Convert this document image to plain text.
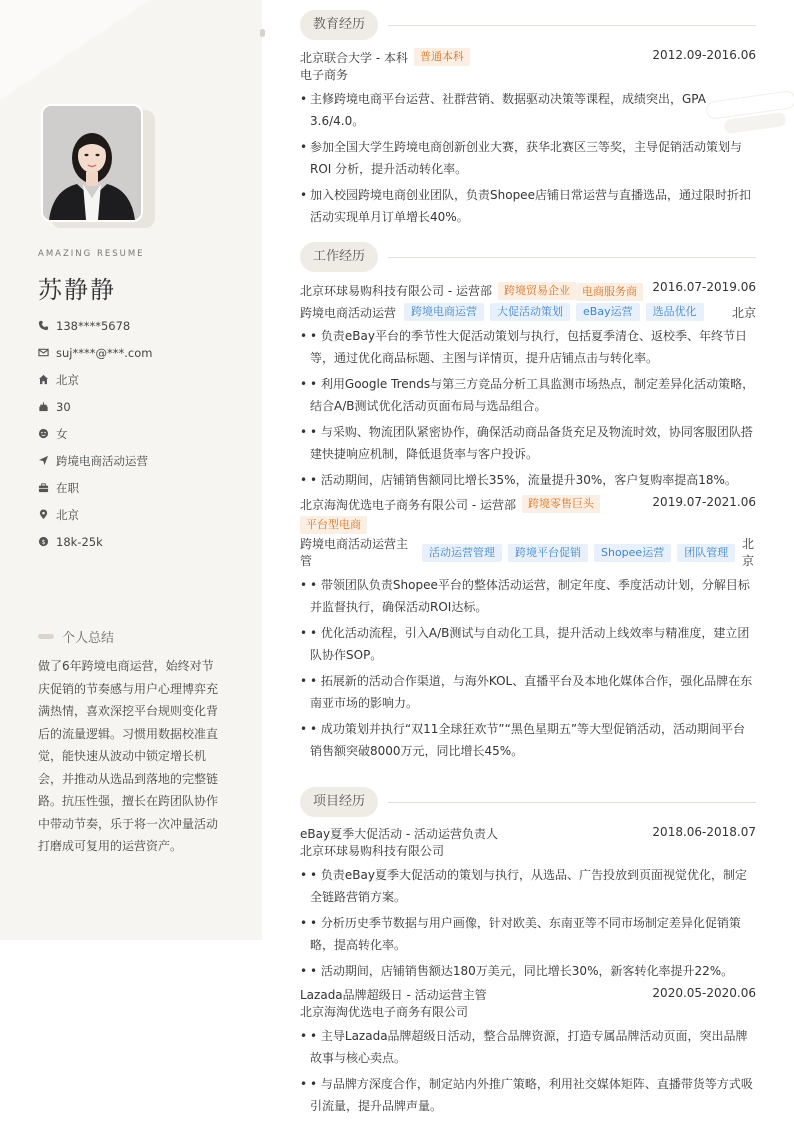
AMAZING RESUME
苏静静
138****5678
suj****@***.com
北京
30
女
跨境电商活动运营
在职
北京
$ 18k-25k
个人总结
做了6年跨境电商运营，始终对节庆促销的节奏感与用户心理博弈充满热情，喜欢深挖平台规则变化背后的流量逻辑。习惯用数据校准直觉，能快速从波动中锁定增长机会，并推动从选品到落地的完整链路。抗压性强，擅长在跨团队协作中带动节奏，乐于将一次冲量活动打磨成可复用的运营资产。
教育经历
北京联合大学 - 本科	普通本科	2012.09-2016.06
电子商务
• 主修跨境电商平台运营、社群营销、数据驱动决策等课程，成绩突出，GPA 3.6/4.0。
• 参加全国大学生跨境电商创新创业大赛，获华北赛区三等奖，主导促销活动策划与ROI 分析，提升活动转化率。
• 加入校园跨境电商创业团队，负责Shopee店铺日常运营与直播选品，通过限时折扣活动实现单月订单增长40%。
工作经历
北京环球易购科技有限公司 - 运营部	跨境贸易企业	电商服务商	2016.07-2019.06
跨境电商活动运营	跨境电商运营 大促活动策划 eBay运营 选品优化	北京
• • 负责eBay平台的季节性大促活动策划与执行，包括夏季清仓、返校季、年终节日等，通过优化商品标题、主图与详情页，提升店铺点击与转化率。
• • 利用Google Trends与第三方竞品分析工具监测市场热点，制定差异化活动策略，结合A/B测试优化活动页面布局与选品组合。
• • 与采购、物流团队紧密协作，确保活动商品备货充足及物流时效，协同客服团队搭建快捷响应机制，降低退货率与客户投诉。
• • 活动期间，店铺销售额同比增长35%，流量提升30%，客户复购率提高18%。
北京海淘优选电子商务有限公司 - 运营部	跨境零售巨头
平台型电商
2019.07-2021.06
跨境电商活动运营主管
活动运营管理 跨境平台促销 Shopee运营 团队管理
北京
• • 带领团队负责Shopee平台的整体活动运营，制定年度、季度活动计划，分解目标并监督执行，确保活动ROI达标。
• • 优化活动流程，引入A/B测试与自动化工具，提升活动上线效率与精准度，建立团队协作SOP。
• • 拓展新的活动合作渠道，与海外KOL、直播平台及本地化媒体合作，强化品牌在东南亚市场的影响力。
• • 成功策划并执行“双11全球狂欢节”“黑色星期五”等大型促销活动，活动期间平台销售额突破8000万元，同比增长45%。
项目经历
eBay夏季大促活动 - 活动运营负责人	2018.06-2018.07
北京环球易购科技有限公司
• • 负责eBay夏季大促活动的策划与执行，从选品、广告投放到页面视觉优化，制定全链路营销方案。
• • 分析历史季节数据与用户画像，针对欧美、东南亚等不同市场制定差异化促销策略，提高转化率。
• • 活动期间，店铺销售额达180万美元，同比增长30%，新客转化率提升22%。
Lazada品牌超级日 - 活动运营主管	2020.05-2020.06
北京海淘优选电子商务有限公司
• • 主导Lazada品牌超级日活动，整合品牌资源，打造专属品牌活动页面，突出品牌故事与核心卖点。
• • 与品牌方深度合作，制定站内外推广策略，利用社交媒体矩阵、直播带货等方式吸引流量，提升品牌声量。
